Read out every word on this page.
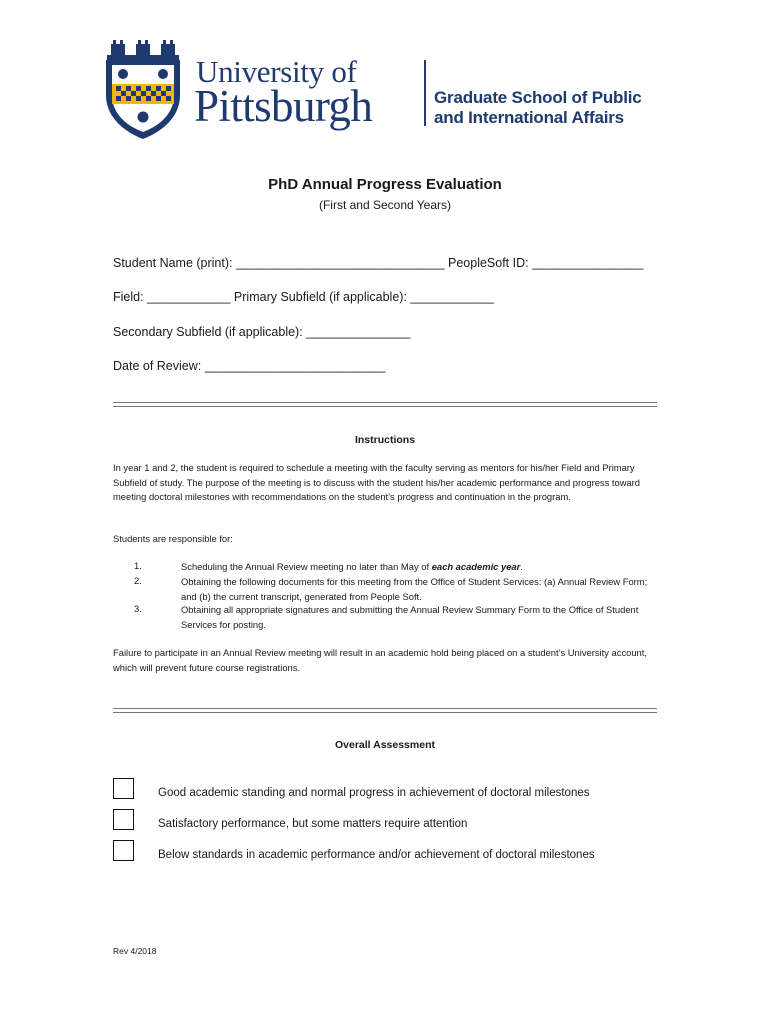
University of
Pittsburgh	Graduate School of Public
and International Affairs
PhD Annual Progress Evaluation
(First and Second Years)
Student Name (print): ______________________________ PeopleSoft ID: ________________
Field: ____________ Primary Subfield (if applicable): ____________
Secondary Subfield (if applicable): _______________
Date of Review: __________________________
Instructions
In year 1 and 2, the student is required to schedule a meeting with the faculty serving as mentors for his/her Field and Primary Subfield of study. The purpose of the meeting is to discuss with the student his/her academic performance and progress toward meeting doctoral milestones with recommendations on the student’s progress and continuation in the program.
Students are responsible for:
1.	Scheduling the Annual Review meeting no later than May of each academic year.
2.	Obtaining the following documents for this meeting from the Office of Student Services: (a) Annual Review Form; and (b) the current transcript, generated from People Soft.
3.	Obtaining all appropriate signatures and submitting the Annual Review Summary Form to the Office of Student Services for posting.
Failure to participate in an Annual Review meeting will result in an academic hold being placed on a student’s University account, which will prevent future course registrations.
Overall Assessment
Good academic standing and normal progress in achievement of doctoral milestones
Satisfactory performance, but some matters require attention
Below standards in academic performance and/or achievement of doctoral milestones
Rev 4/2018
